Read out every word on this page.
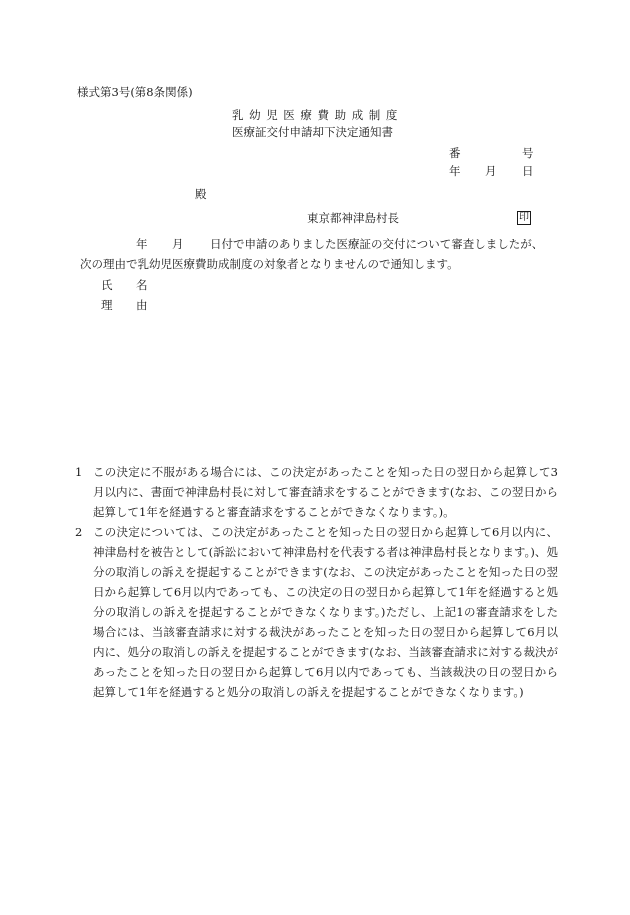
様式第3号(第8条関係)
乳幼児医療費助成制度
医療証交付申請却下決定通知書
番	号
年 月 日
殿
東京都神津島村長	印
年 月 日付で申請のありました医療証の交付について審査しましたが、
次の理由で乳幼児医療費助成制度の対象者となりませんので通知します。
氏 名
理 由
1 この決定に不服がある場合には、この決定があったことを知った日の翌日から起算して3月以内に、書面で神津島村長に対して審査請求をすることができます(なお、この翌日から起算して1年を経過すると審査請求をすることができなくなります。)。
2 この決定については、この決定があったことを知った日の翌日から起算して6月以内に、神津島村を被告として(訴訟において神津島村を代表する者は神津島村長となります。)、処分の取消しの訴えを提起することができます(なお、この決定があったことを知った日の翌日から起算して6月以内であっても、この決定の日の翌日から起算して1年を経過すると処分の取消しの訴えを提起することができなくなります。)ただし、上記1の審査請求をした場合には、当該審査請求に対する裁決があったことを知った日の翌日から起算して6月以内に、処分の取消しの訴えを提起することができます(なお、当該審査請求に対する裁決があったことを知った日の翌日から起算して6月以内であっても、当該裁決の日の翌日から起算して1年を経過すると処分の取消しの訴えを提起することができなくなります。)
